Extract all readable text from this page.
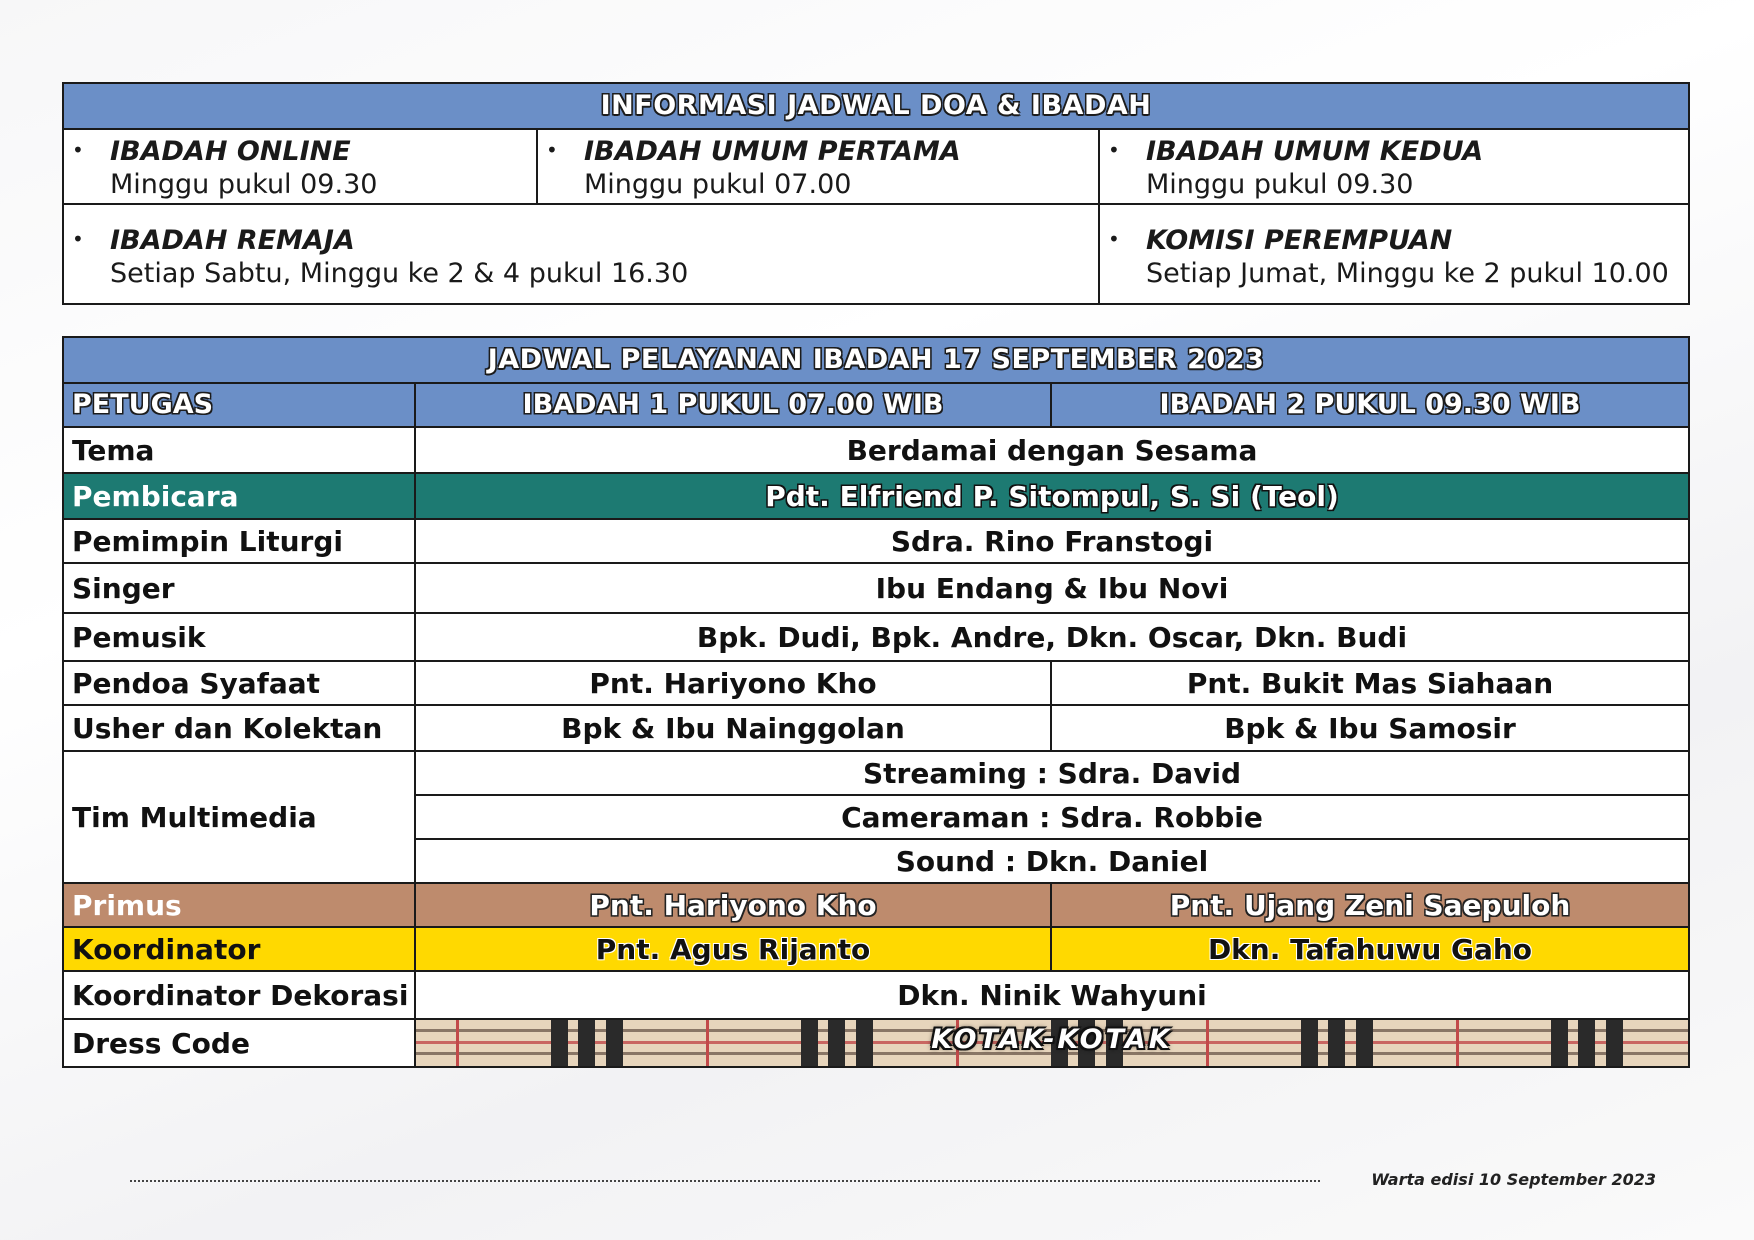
INFORMASI JADWAL DOA & IBADAH		

• IBADAH ONLINE
Minggu pukul 09.30	• IBADAH UMUM PERTAMA
Minggu pukul 07.00	• IBADAH UMUM KEDUA
Minggu pukul 09.30

• IBADAH REMAJA
Setiap Sabtu, Minggu ke 2 & 4 pukul 16.30		• KOMISI PEREMPUAN
Setiap Jumat, Minggu ke 2 pukul 10.00
JADWAL PELAYANAN IBADAH 17 SEPTEMBER 2023		
PETUGAS	IBADAH 1 PUKUL 07.00 WIB	IBADAH 2 PUKUL 09.30 WIB
Tema	Berdamai dengan Sesama	
Pembicara	Pdt. Elfriend P. Sitompul, S. Si (Teol)	
Pemimpin Liturgi	Sdra. Rino Franstogi	
Singer	Ibu Endang & Ibu Novi	
Pemusik	Bpk. Dudi, Bpk. Andre, Dkn. Oscar, Dkn. Budi	
Pendoa Syafaat	Pnt. Hariyono Kho	Pnt. Bukit Mas Siahaan
Usher dan Kolektan	Bpk & Ibu Nainggolan	Bpk & Ibu Samosir
Tim Multimedia	Streaming : Sdra. David	
	Cameraman : Sdra. Robbie	
	Sound : Dkn. Daniel	
Primus	Pnt. Hariyono Kho	Pnt. Ujang Zeni Saepuloh
Koordinator	Pnt. Agus Rijanto	Dkn. Tafahuwu Gaho
Koordinator Dekorasi	Dkn. Ninik Wahyuni	
Dress Code	KOTAK-KOTAK	
Warta edisi 10 September 2023
